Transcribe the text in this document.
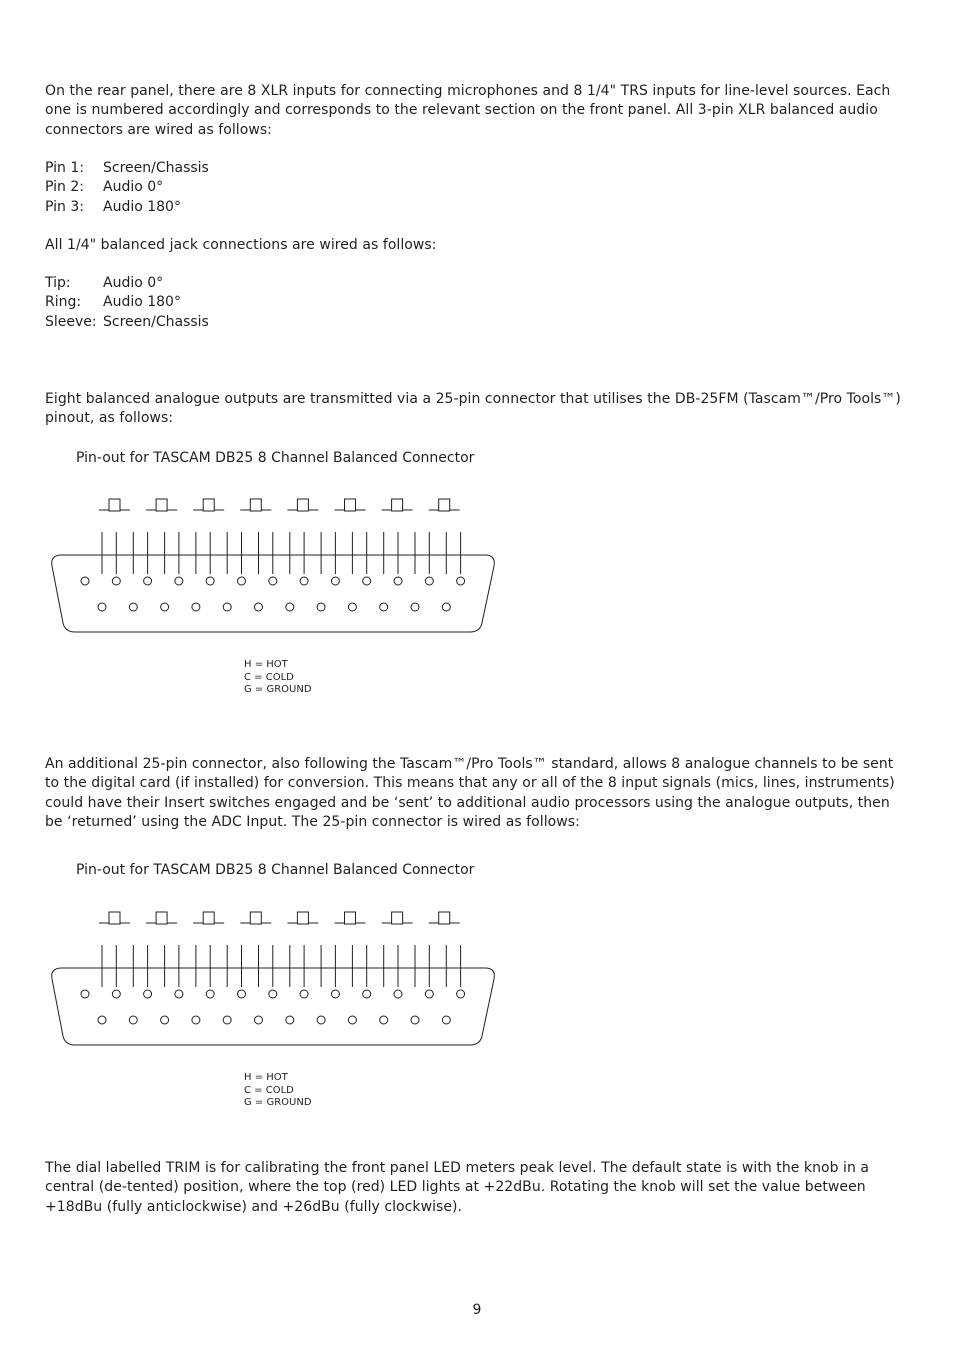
On the rear panel, there are 8 XLR inputs for connecting microphones and 8 1/4" TRS inputs for line-level sources. Each one is numbered accordingly and corresponds to the relevant section on the front panel. All 3-pin XLR balanced audio connectors are wired as follows:

Pin 1:	Screen/Chassis
Pin 2:	Audio 0°
Pin 3:	Audio 180°

All 1/4" balanced jack connections are wired as follows:

Tip:	Audio 0°
Ring:	Audio 180°
Sleeve: Screen/Chassis

Eight balanced analogue outputs are transmitted via a 25-pin connector that utilises the DB-25FM (Tascam™/Pro Tools™) pinout, as follows:

Pin-out for TASCAM DB25 8 Channel Balanced Connector
H = HOT
C = COLD
G = GROUND

An additional 25-pin connector, also following the Tascam™/Pro Tools™ standard, allows 8 analogue channels to be sent to the digital card (if installed) for conversion. This means that any or all of the 8 input signals (mics, lines, instruments) could have their Insert switches engaged and be ‘sent’ to additional audio processors using the analogue outputs, then be ‘returned’ using the ADC Input. The 25-pin connector is wired as follows:

Pin-out for TASCAM DB25 8 Channel Balanced Connector
H = HOT
C = COLD
G = GROUND

The dial labelled TRIM is for calibrating the front panel LED meters peak level. The default state is with the knob in a central (de-tented) position, where the top (red) LED lights at +22dBu. Rotating the knob will set the value between +18dBu (fully anticlockwise) and +26dBu (fully clockwise).

9
